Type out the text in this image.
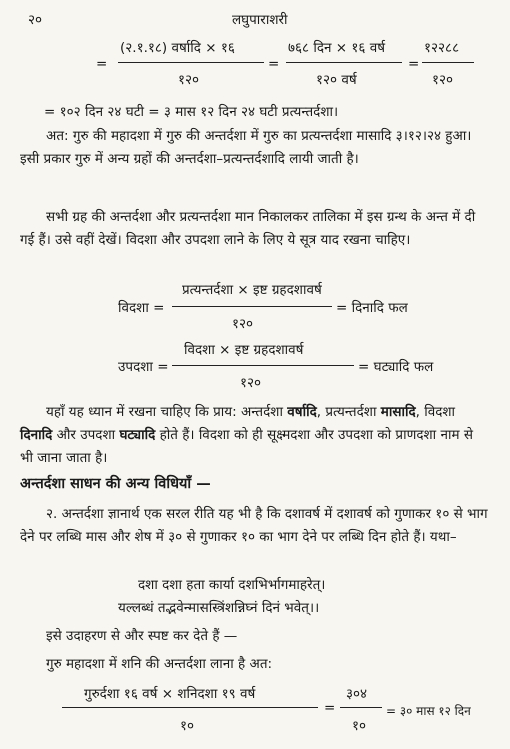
२०	लघुपाराशरी
=
(२.१.१८) वर्षादि × १६
१२०
=
७६८ दिन × १६ वर्ष
१२० वर्ष
=
१२२८८
१२०
= १०२ दिन २४ घटी = ३ मास १२ दिन २४ घटी प्रत्यन्तर्दशा।
अत: गुरु की महादशा में गुरु की अन्तर्दशा में गुरु का प्रत्यन्तर्दशा मासादि ३।१२।२४ हुआ। इसी प्रकार गुरु में अन्य ग्रहों की अन्तर्दशा–प्रत्यन्तर्दशादि लायी जाती है।
सभी ग्रह की अन्तर्दशा और प्रत्यन्तर्दशा मान निकालकर तालिका में इस ग्रन्थ के अन्त में दी गई हैं। उसे वहीं देखें। विदशा और उपदशा लाने के लिए ये सूत्र याद रखना चाहिए।
विदशा =
प्रत्यन्तर्दशा × इष्ट ग्रहदशावर्ष
१२०
= दिनादि फल
उपदशा =
विदशा × इष्ट ग्रहदशावर्ष
१२०
= घट्यादि फल
यहाँ यह ध्यान में रखना चाहिए कि प्राय: अन्तर्दशा वर्षादि, प्रत्यन्तर्दशा मासादि, विदशा दिनादि और उपदशा घट्यादि होते हैं। विदशा को ही सूक्ष्मदशा और उपदशा को प्राणदशा नाम से भी जाना जाता है।
अन्तर्दशा साधन की अन्य विधियाँ —
२. अन्तर्दशा ज्ञानार्थ एक सरल रीति यह भी है कि दशावर्ष में दशावर्ष को गुणाकर १० से भाग देने पर लब्धि मास और शेष में ३० से गुणाकर १० का भाग देने पर लब्धि दिन होते हैं। यथा–
दशा दशा हता कार्या दशभिर्भागमाहरेत्।
यल्लब्धं तद्भवेन्मासस्त्रिंशन्निघ्नं दिनं भवेत्।।
इसे उदाहरण से और स्पष्ट कर देते हैं —
गुरु महादशा में शनि की अन्तर्दशा लाना है अत:
गुरुर्दशा १६ वर्ष × शनिदशा १९ वर्ष
१०
=
३०४
१०
= ३० मास १२ दिन
